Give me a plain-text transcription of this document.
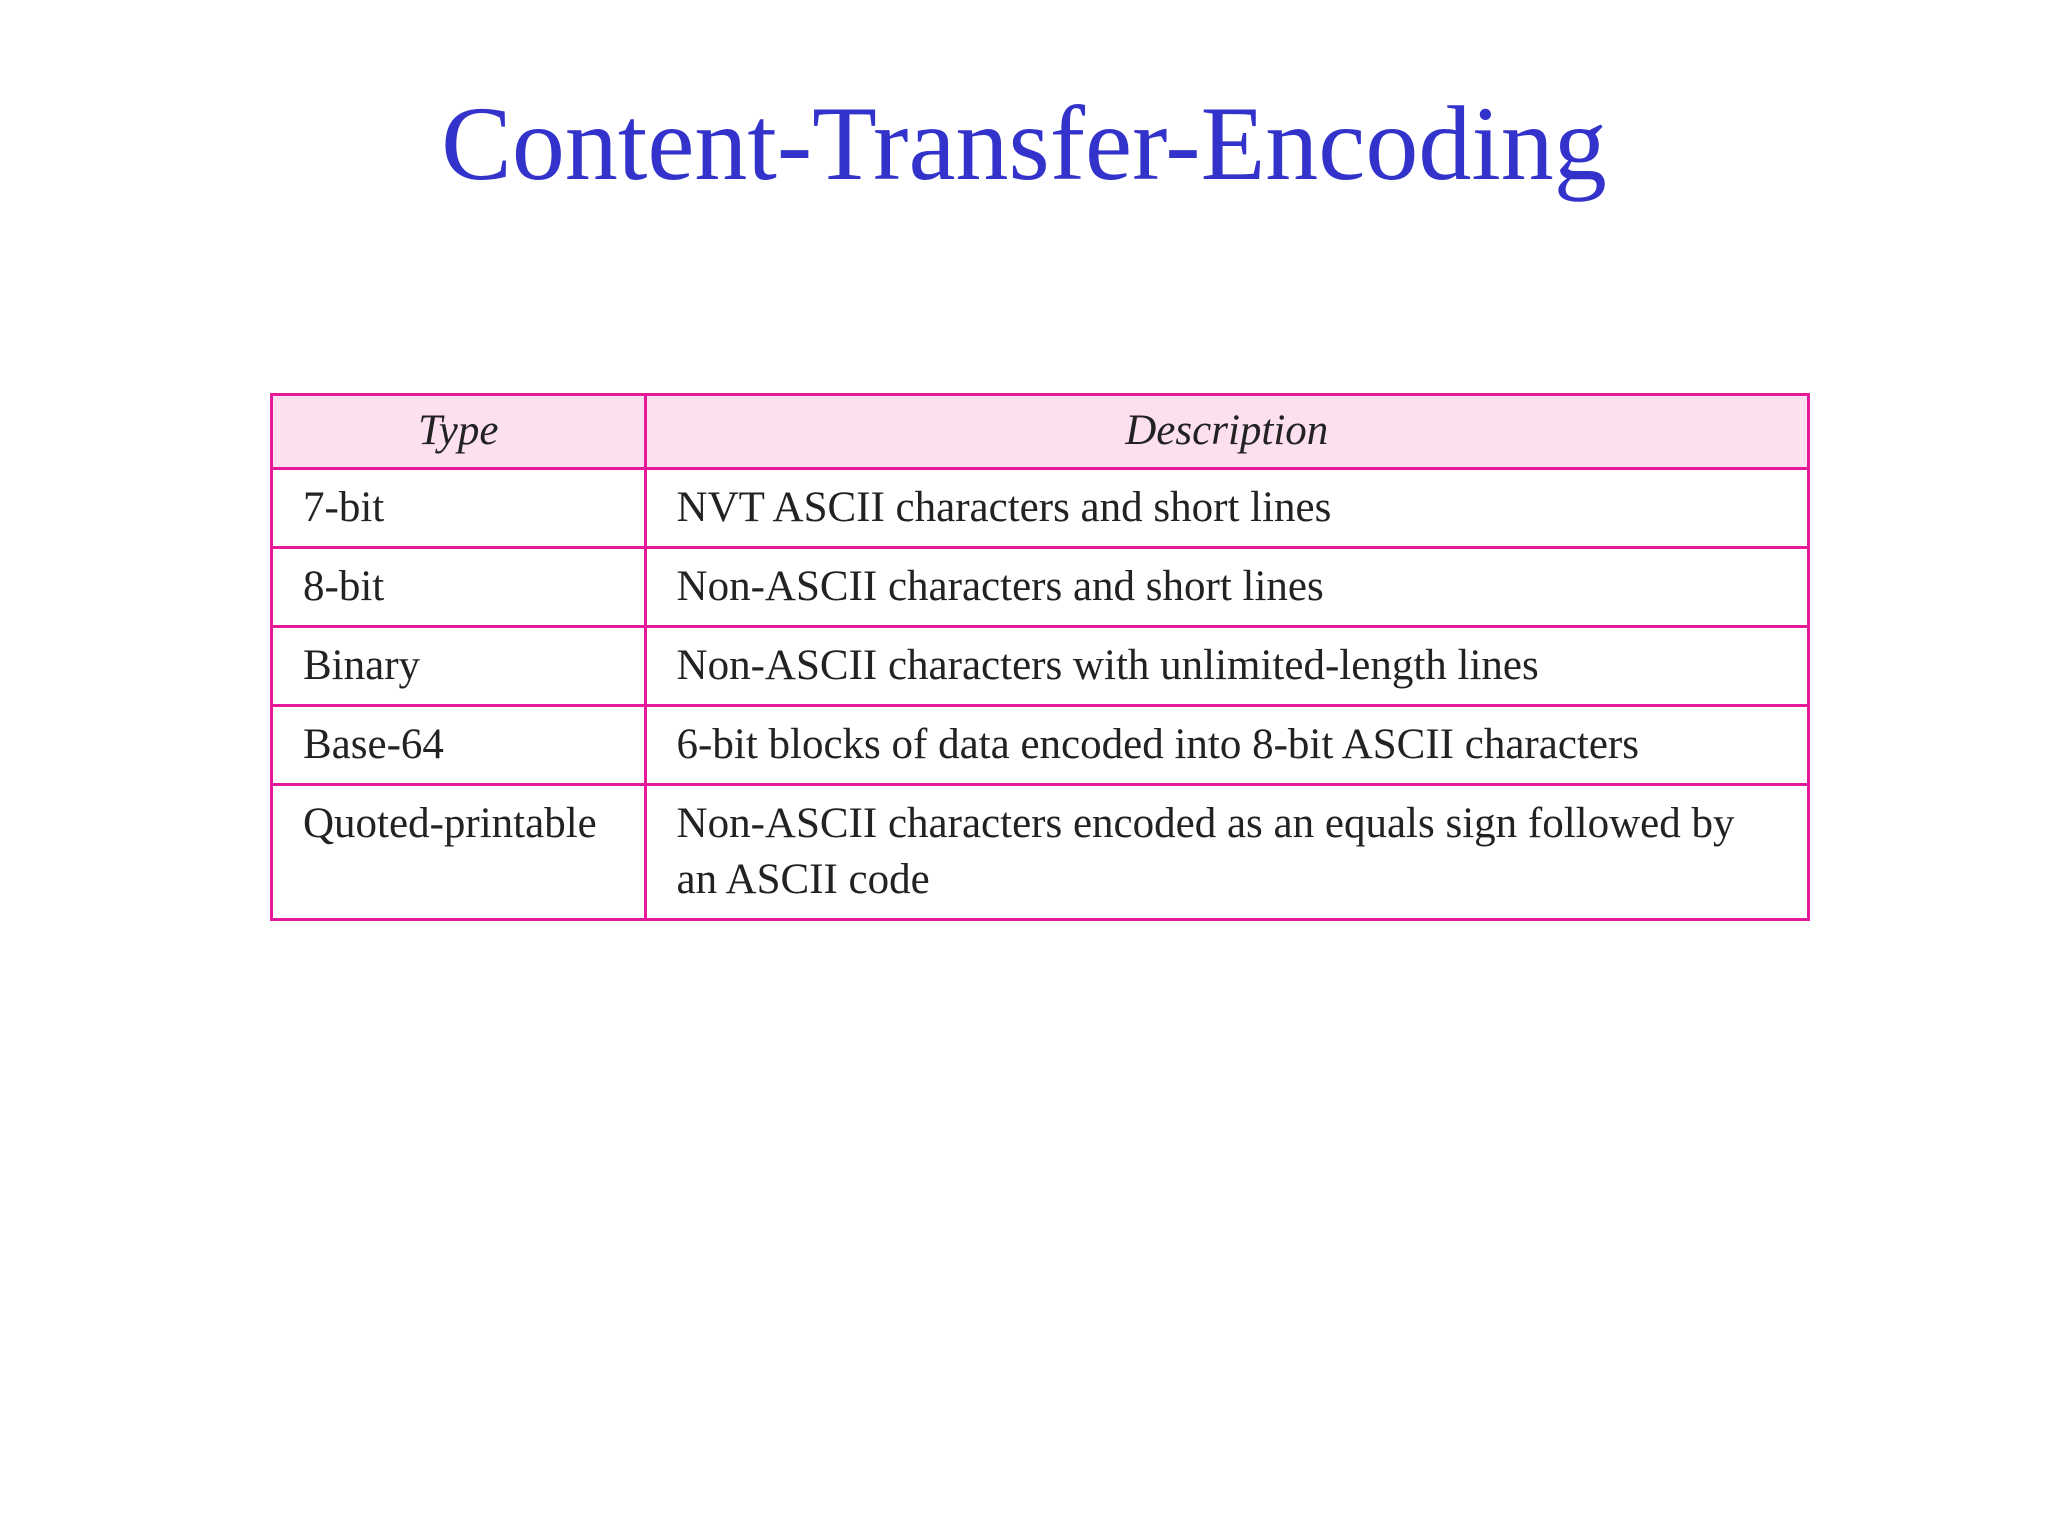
Content-Transfer-Encoding
Type	Description
7-bit	NVT ASCII characters and short lines
8-bit	Non-ASCII characters and short lines
Binary	Non-ASCII characters with unlimited-length lines
Base-64	6-bit blocks of data encoded into 8-bit ASCII characters
Quoted-printable	Non-ASCII characters encoded as an equals sign followed by an ASCII code
